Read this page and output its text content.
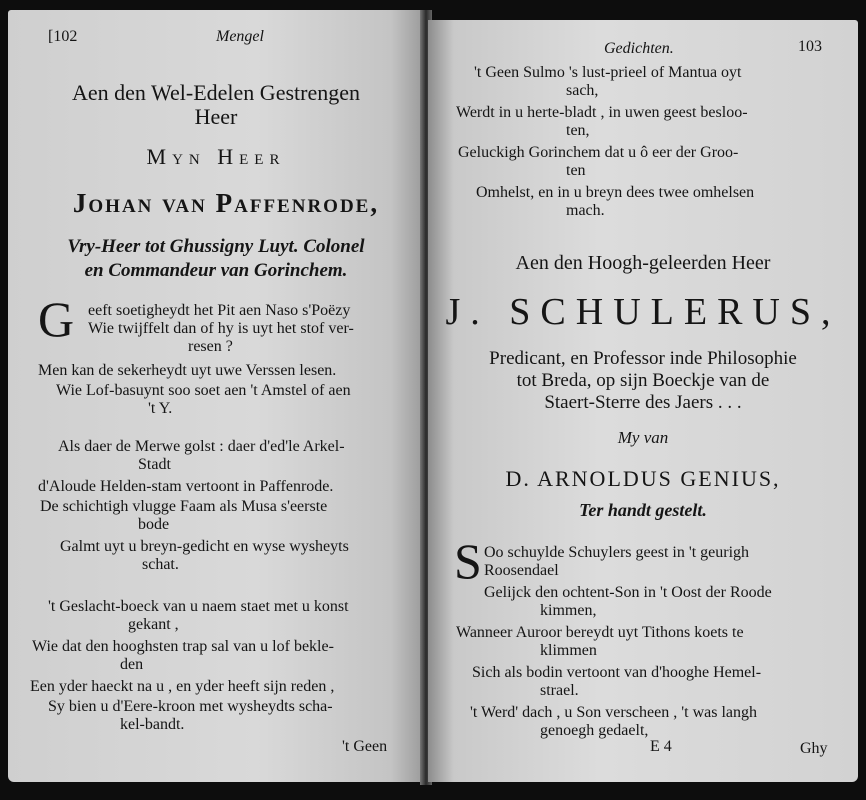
[102	Mengel
Aen den Wel-Edelen Gestrengen
Heer
Myn Heer
Johan van Paffenrode,
Vry-Heer tot Ghussigny Luyt. Colonel
en Commandeur van Gorinchem.
G eeft soetigheydt het Pit aen Naso s'Poëzy
Wie twijffelt dan of hy is uyt het stof ver-
resen ?
Men kan de sekerheydt uyt uwe Verssen lesen.
Wie Lof-basuynt soo soet aen 't Amstel of aen
't Y.
Als daer de Merwe golst : daer d'ed'le Arkel-
Stadt
d'Aloude Helden-stam vertoont in Paffenrode.
De schichtigh vlugge Faam als Musa s'eerste
bode
Galmt uyt u breyn-gedicht en wyse wysheyts
schat.
't Geslacht-boeck van u naem staet met u konst
gekant ,
Wie dat den hooghsten trap sal van u lof bekle-
den
Een yder haeckt na u , en yder heeft sijn reden ,
Sy bien u d'Eere-kroon met wysheydts scha-
kel-bandt.
't Geen
Gedichten.	103
't Geen Sulmo 's lust-prieel of Mantua oyt
sach,
Werdt in u herte-bladt , in uwen geest besloo-
ten,
Geluckigh Gorinchem dat u ô eer der Groo-
ten
Omhelst, en in u breyn dees twee omhelsen
mach.
Aen den Hoogh-geleerden Heer
J. SCHULERUS,
Predicant, en Professor inde Philosophie
tot Breda, op sijn Boeckje van de
Staert-Sterre des Jaers . . .
My van
D. ARNOLDUS GENIUS,
Ter handt gestelt.
S Oo schuylde Schuylers geest in 't geurigh
Roosendael
Gelijck den ochtent-Son in 't Oost der Roode
kimmen,
Wanneer Auroor bereydt uyt Tithons koets te
klimmen
Sich als bodin vertoont van d'hooghe Hemel-
strael.
't Werd' dach , u Son verscheen , 't was langh
genoegh gedaelt,
E 4	Ghy
